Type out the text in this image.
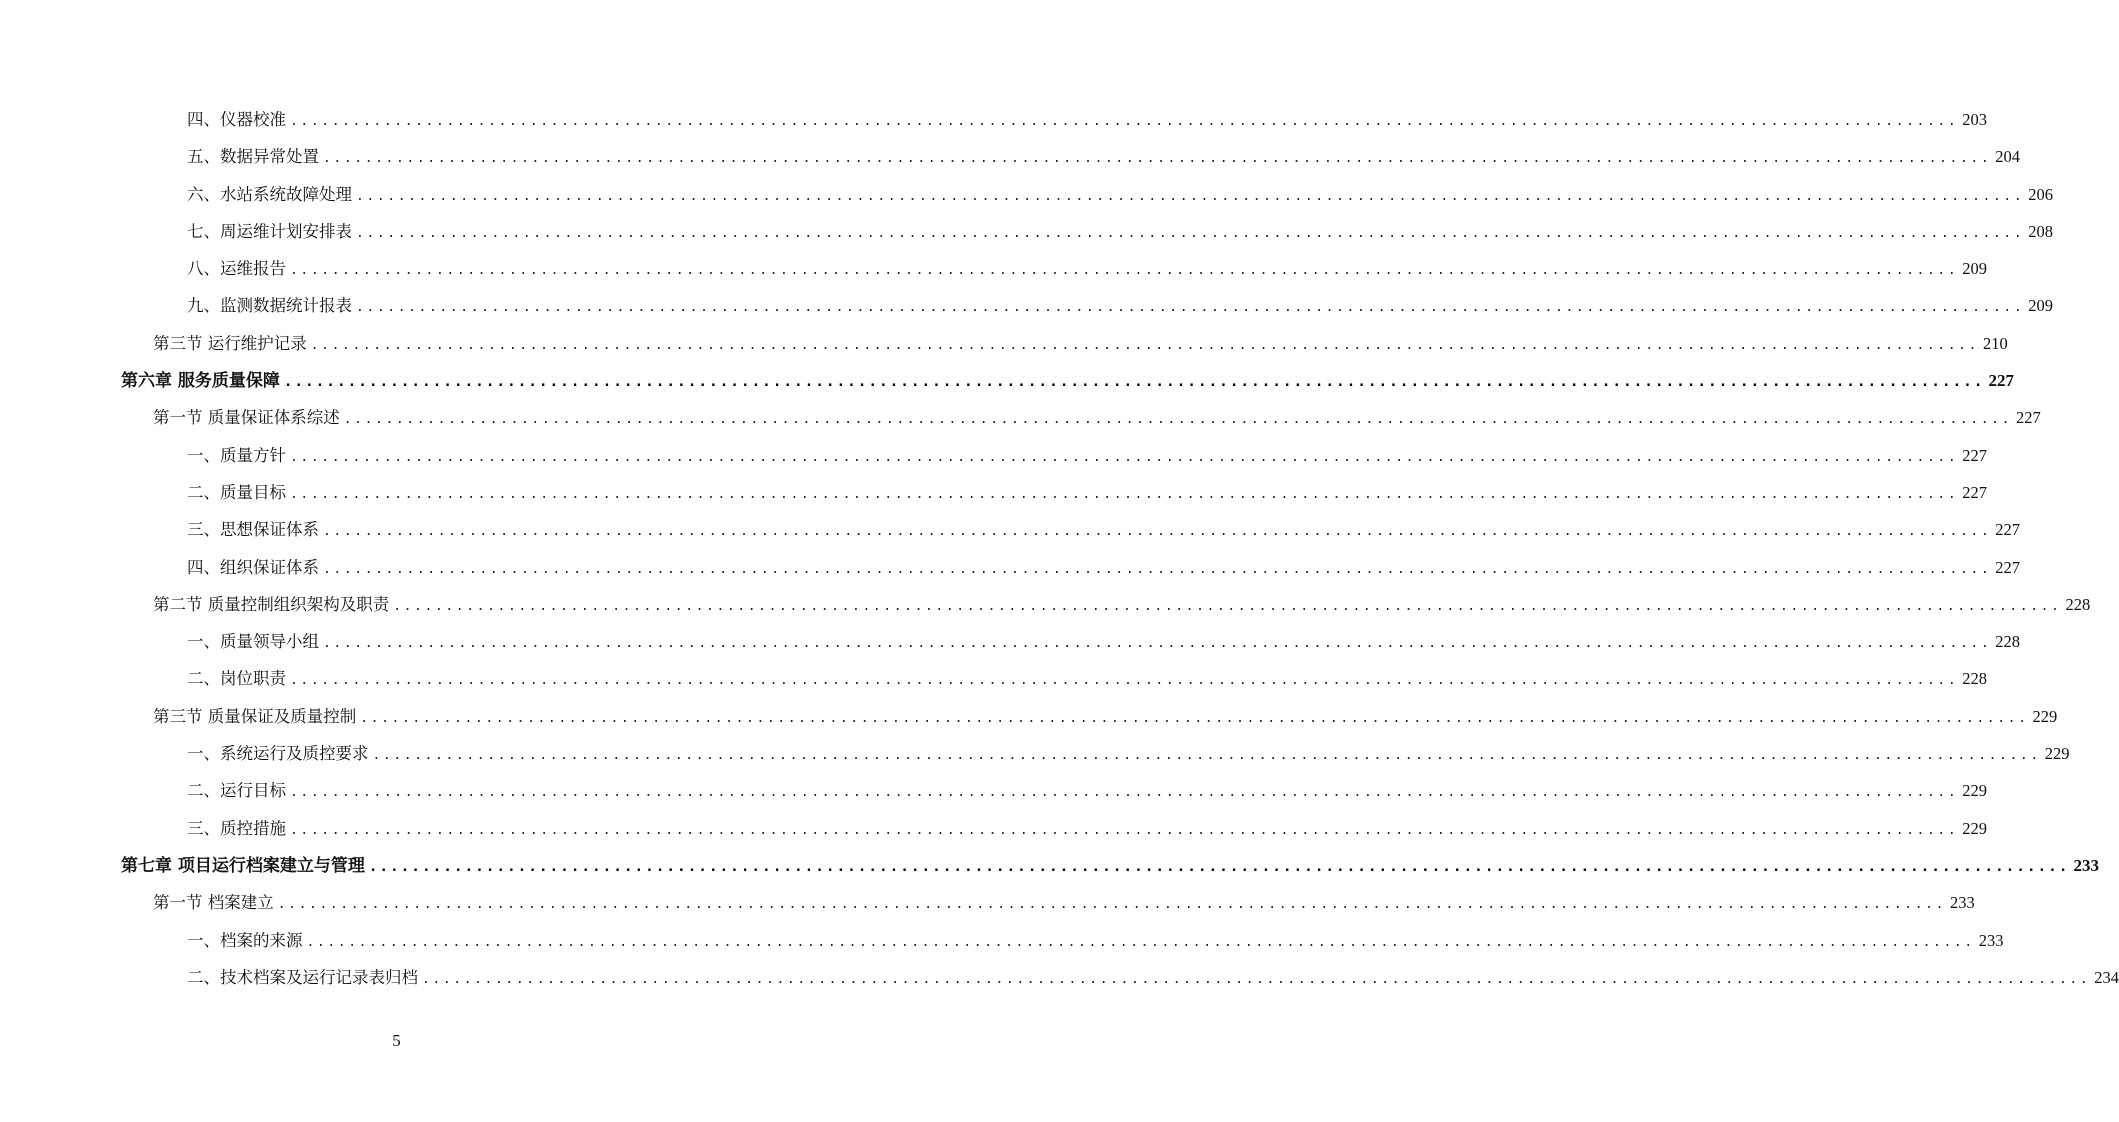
四、仪器校准 ................................................................................................................................................................ 203
五、数据异常处置 ................................................................................................................................................................ 204
六、水站系统故障处理 ................................................................................................................................................................ 206
七、周运维计划安排表 ................................................................................................................................................................ 208
八、运维报告 ................................................................................................................................................................ 209
九、监测数据统计报表 ................................................................................................................................................................ 209
第三节 运行维护记录 ................................................................................................................................................................ 210
第六章 服务质量保障 ................................................................................................................................................................ 227
第一节 质量保证体系综述 ................................................................................................................................................................ 227
一、质量方针 ................................................................................................................................................................ 227
二、质量目标 ................................................................................................................................................................ 227
三、思想保证体系 ................................................................................................................................................................ 227
四、组织保证体系 ................................................................................................................................................................ 227
第二节 质量控制组织架构及职责 ................................................................................................................................................................ 228
一、质量领导小组 ................................................................................................................................................................ 228
二、岗位职责 ................................................................................................................................................................ 228
第三节 质量保证及质量控制 ................................................................................................................................................................ 229
一、系统运行及质控要求 ................................................................................................................................................................ 229
二、运行目标 ................................................................................................................................................................ 229
三、质控措施 ................................................................................................................................................................ 229
第七章 项目运行档案建立与管理 ................................................................................................................................................................ 233
第一节 档案建立 ................................................................................................................................................................ 233
一、档案的来源 ................................................................................................................................................................ 233
二、技术档案及运行记录表归档 ................................................................................................................................................................ 234
5
